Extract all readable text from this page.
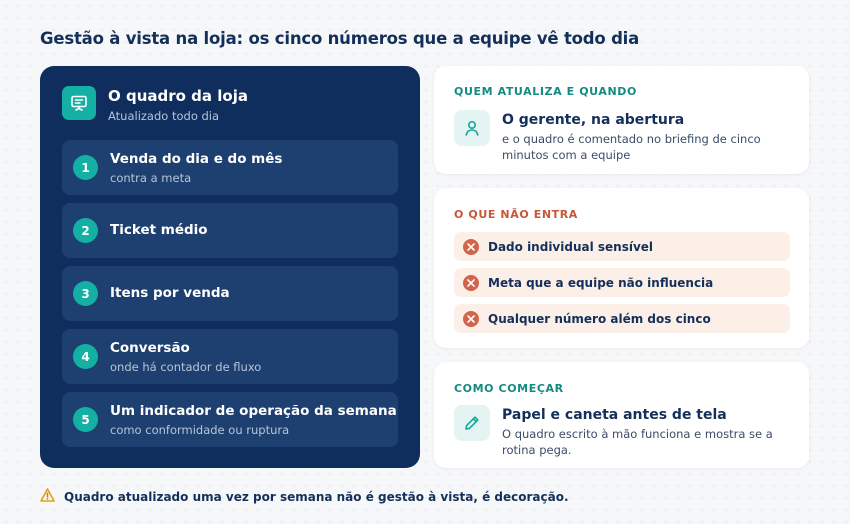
Gestão à vista na loja: os cinco números que a equipe vê todo dia
O quadro da loja
Atualizado todo dia
1
Venda do dia e do mês
contra a meta
2	Ticket médio
3	Itens por venda
4
Conversão
onde há contador de fluxo
5
Um indicador de operação da semana
como conformidade ou ruptura
QUEM ATUALIZA E QUANDO
O gerente, na abertura
e o quadro é comentado no briefing de cinco minutos com a equipe
O QUE NÃO ENTRA
Dado individual sensível
Meta que a equipe não influencia
Qualquer número além dos cinco
COMO COMEÇAR
Papel e caneta antes de tela
O quadro escrito à mão funciona e mostra se a rotina pega.
Quadro atualizado uma vez por semana não é gestão à vista, é decoração.
